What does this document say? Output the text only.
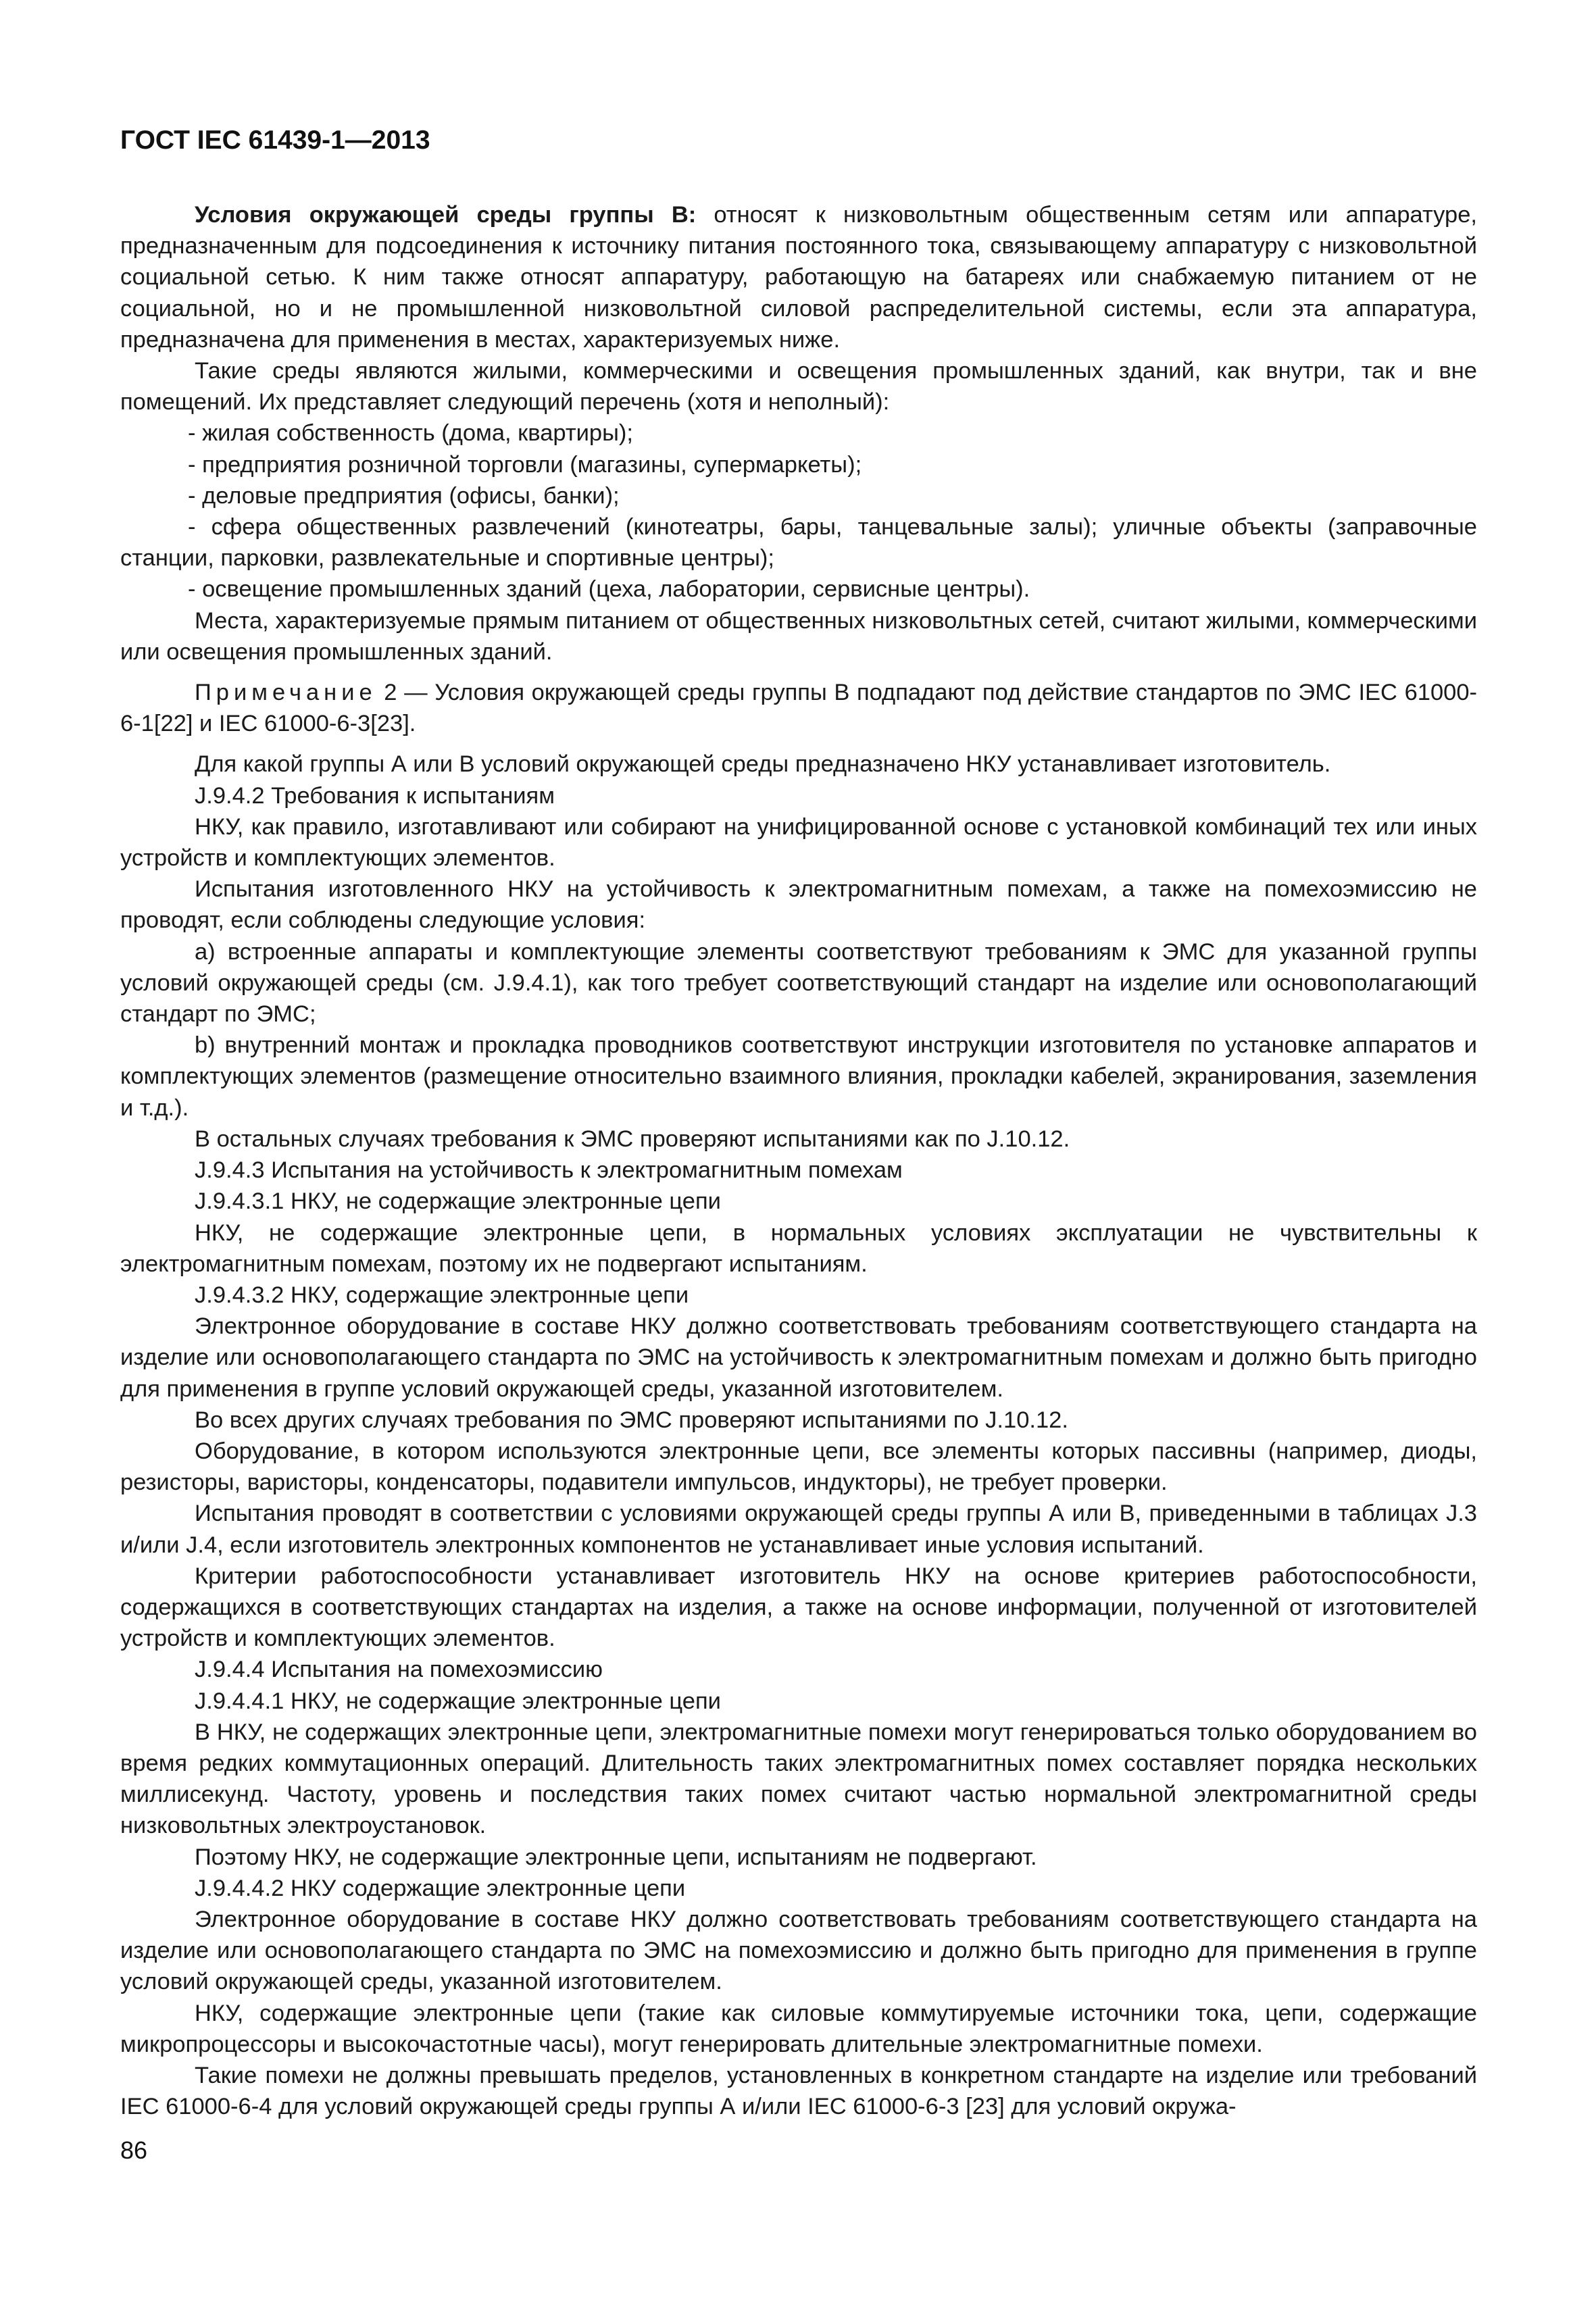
ГОСТ IEC 61439-1—2013

Условия окружающей среды группы В: относят к низковольтным общественным сетям или аппаратуре, предназначенным для подсоединения к источнику питания постоянного тока, связывающему аппаратуру с низковольтной социальной сетью. К ним также относят аппаратуру, работающую на батареях или снабжаемую питанием от не социальной, но и не промышленной низковольтной силовой распределительной системы, если эта аппаратура, предназначена для применения в местах, характеризуемых ниже.

Такие среды являются жилыми, коммерческими и освещения промышленных зданий, как внутри, так и вне помещений. Их представляет следующий перечень (хотя и неполный):

- жилая собственность (дома, квартиры);

- предприятия розничной торговли (магазины, супермаркеты);

- деловые предприятия (офисы, банки);

- сфера общественных развлечений (кинотеатры, бары, танцевальные залы); уличные объекты (заправочные станции, парковки, развлекательные и спортивные центры);

- освещение промышленных зданий (цеха, лаборатории, сервисные центры).

Места, характеризуемые прямым питанием от общественных низковольтных сетей, считают жилыми, коммерческими или освещения промышленных зданий.

Примечание 2 — Условия окружающей среды группы В подпадают под действие стандартов по ЭМС IEC 61000-6-1[22] и IEC 61000-6-3[23].

Для какой группы А или В условий окружающей среды предназначено НКУ устанавливает изготовитель.

J.9.4.2 Требования к испытаниям

НКУ, как правило, изготавливают или собирают на унифицированной основе с установкой комбинаций тех или иных устройств и комплектующих элементов.

Испытания изготовленного НКУ на устойчивость к электромагнитным помехам, а также на помехоэмиссию не проводят, если соблюдены следующие условия:

a) встроенные аппараты и комплектующие элементы соответствуют требованиям к ЭМС для указанной группы условий окружающей среды (см. J.9.4.1), как того требует соответствующий стандарт на изделие или основополагающий стандарт по ЭМС;

b) внутренний монтаж и прокладка проводников соответствуют инструкции изготовителя по установке аппаратов и комплектующих элементов (размещение относительно взаимного влияния, прокладки кабелей, экранирования, заземления и т.д.).

В остальных случаях требования к ЭМС проверяют испытаниями как по J.10.12.

J.9.4.3 Испытания на устойчивость к электромагнитным помехам

J.9.4.3.1 НКУ, не содержащие электронные цепи

НКУ, не содержащие электронные цепи, в нормальных условиях эксплуатации не чувствительны к электромагнитным помехам, поэтому их не подвергают испытаниям.

J.9.4.3.2 НКУ, содержащие электронные цепи

Электронное оборудование в составе НКУ должно соответствовать требованиям соответствующего стандарта на изделие или основополагающего стандарта по ЭМС на устойчивость к электромагнитным помехам и должно быть пригодно для применения в группе условий окружающей среды, указанной изготовителем.

Во всех других случаях требования по ЭМС проверяют испытаниями по J.10.12.

Оборудование, в котором используются электронные цепи, все элементы которых пассивны (например, диоды, резисторы, варисторы, конденсаторы, подавители импульсов, индукторы), не требует проверки.

Испытания проводят в соответствии с условиями окружающей среды группы А или В, приведенными в таблицах J.3 и/или J.4, если изготовитель электронных компонентов не устанавливает иные условия испытаний.

Критерии работоспособности устанавливает изготовитель НКУ на основе критериев работоспособности, содержащихся в соответствующих стандартах на изделия, а также на основе информации, полученной от изготовителей устройств и комплектующих элементов.

J.9.4.4 Испытания на помехоэмиссию

J.9.4.4.1 НКУ, не содержащие электронные цепи

В НКУ, не содержащих электронные цепи, электромагнитные помехи могут генерироваться только оборудованием во время редких коммутационных операций. Длительность таких электромагнитных помех составляет порядка нескольких миллисекунд. Частоту, уровень и последствия таких помех считают частью нормальной электромагнитной среды низковольтных электроустановок.

Поэтому НКУ, не содержащие электронные цепи, испытаниям не подвергают.

J.9.4.4.2 НКУ содержащие электронные цепи

Электронное оборудование в составе НКУ должно соответствовать требованиям соответствующего стандарта на изделие или основополагающего стандарта по ЭМС на помехоэмиссию и должно быть пригодно для применения в группе условий окружающей среды, указанной изготовителем.

НКУ, содержащие электронные цепи (такие как силовые коммутируемые источники тока, цепи, содержащие микропроцессоры и высокочастотные часы), могут генерировать длительные электромагнитные помехи.

Такие помехи не должны превышать пределов, установленных в конкретном стандарте на изделие или требований IEC 61000-6-4 для условий окружающей среды группы А и/или IEC 61000-6-3 [23] для условий окружа-

86
